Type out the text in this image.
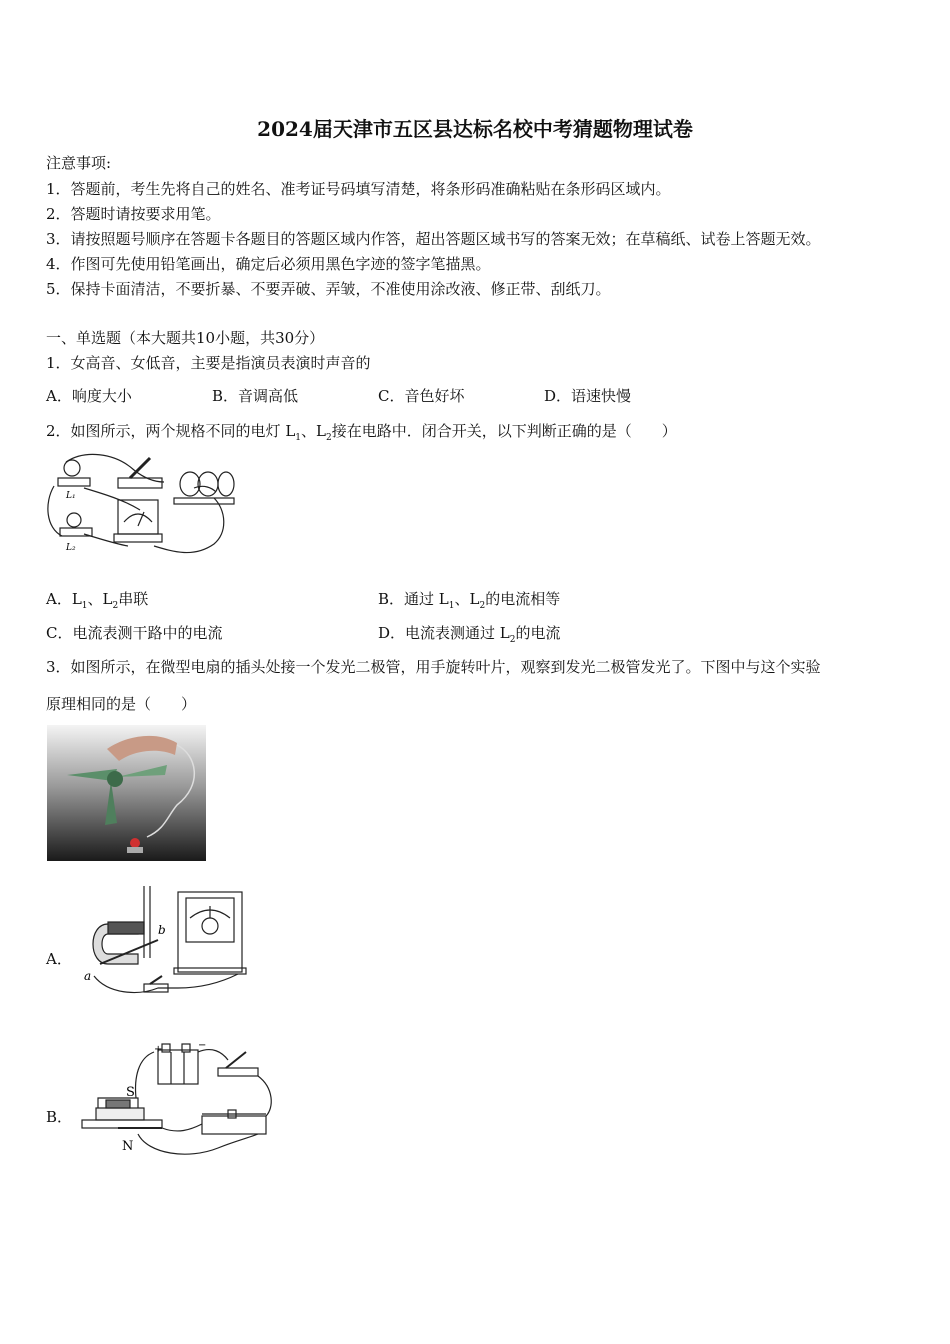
2024届天津市五区县达标名校中考猜题物理试卷
注意事项:
1．答题前，考生先将自己的姓名、准考证号码填写清楚，将条形码准确粘贴在条形码区域内。
2．答题时请按要求用笔。
3．请按照题号顺序在答题卡各题目的答题区域内作答，超出答题区域书写的答案无效；在草稿纸、试卷上答题无效。
4．作图可先使用铅笔画出，确定后必须用黑色字迹的签字笔描黑。
5．保持卡面清洁，不要折暴、不要弄破、弄皱，不准使用涂改液、修正带、刮纸刀。
一、单选题（本大题共10小题，共30分）
1．女高音、女低音，主要是指演员表演时声音的
A．响度大小	B．音调高低	C．音色好坏	D．语速快慢
2．如图所示，两个规格不同的电灯 $L_1$、$L_2$接在电路中．闭合开关，以下判断正确的是（　　）
L₁
L₂
A．$L_1$、$L_2$串联	B．通过 $L_1$、$L_2$的电流相等
C．电流表测干路中的电流	D．电流表测通过 $L_2$的电流
3．如图所示，在微型电扇的插头处接一个发光二极管，用手旋转叶片，观察到发光二极管发光了。下图中与这个实验
原理相同的是（　　）
A．
b
a
B．
+	−
S
N
